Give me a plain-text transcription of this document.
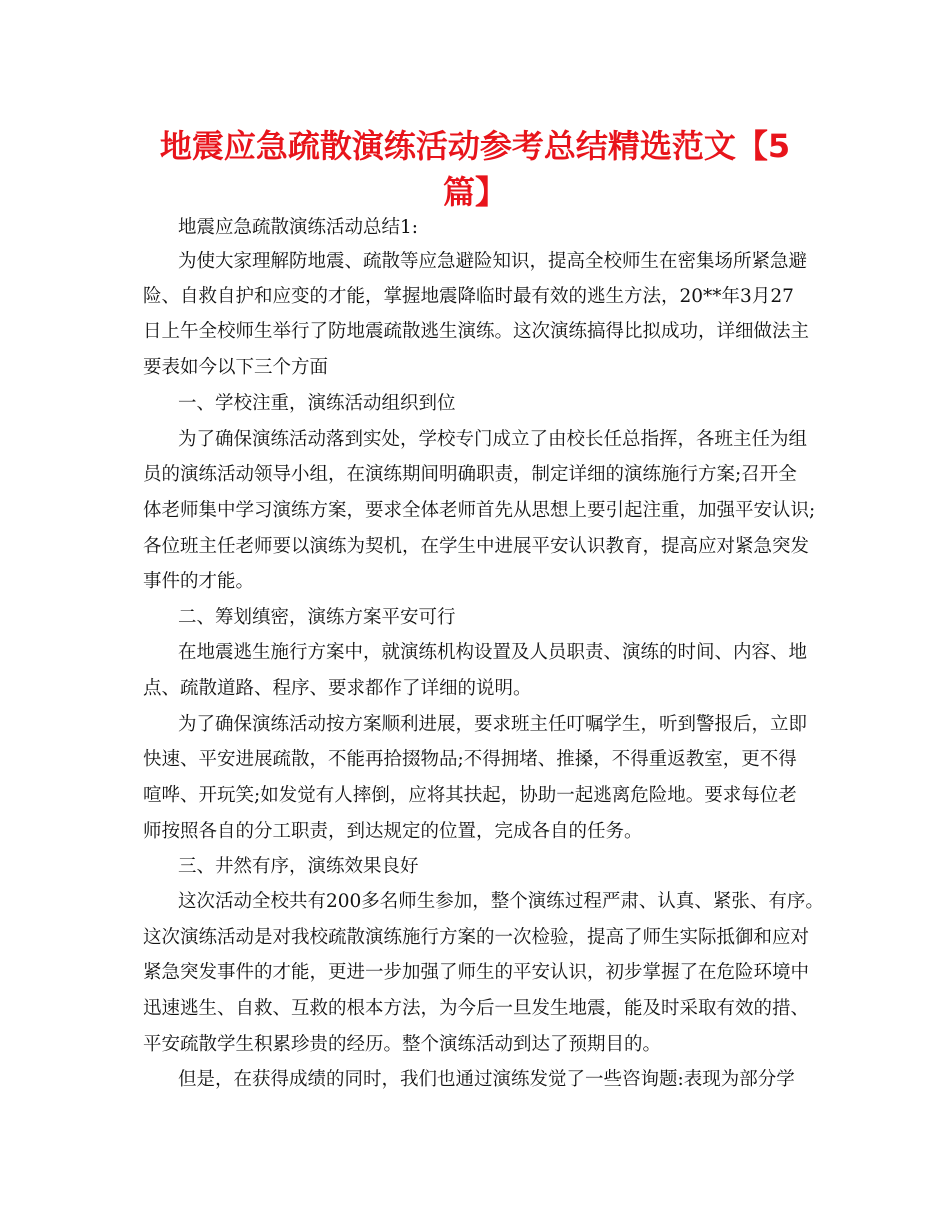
地震应急疏散演练活动参考总结精选范文【5
篇】
地震应急疏散演练活动总结1:
为使大家理解防地震、疏散等应急避险知识，提高全校师生在密集场所紧急避
险、自救自护和应变的才能，掌握地震降临时最有效的逃生方法，20**年3月27
日上午全校师生举行了防地震疏散逃生演练。这次演练搞得比拟成功，详细做法主
要表如今以下三个方面
一、学校注重，演练活动组织到位
为了确保演练活动落到实处，学校专门成立了由校长任总指挥，各班主任为组
员的演练活动领导小组，在演练期间明确职责，制定详细的演练施行方案;召开全
体老师集中学习演练方案，要求全体老师首先从思想上要引起注重，加强平安认识;
各位班主任老师要以演练为契机，在学生中进展平安认识教育，提高应对紧急突发
事件的才能。
二、筹划缜密，演练方案平安可行
在地震逃生施行方案中，就演练机构设置及人员职责、演练的时间、内容、地
点、疏散道路、程序、要求都作了详细的说明。
为了确保演练活动按方案顺利进展，要求班主任叮嘱学生，听到警报后，立即
快速、平安进展疏散，不能再拾掇物品;不得拥堵、推搡，不得重返教室，更不得
喧哗、开玩笑;如发觉有人摔倒，应将其扶起，协助一起逃离危险地。要求每位老
师按照各自的分工职责，到达规定的位置，完成各自的任务。
三、井然有序，演练效果良好
这次活动全校共有200多名师生参加，整个演练过程严肃、认真、紧张、有序。
这次演练活动是对我校疏散演练施行方案的一次检验，提高了师生实际抵御和应对
紧急突发事件的才能，更进一步加强了师生的平安认识，初步掌握了在危险环境中
迅速逃生、自救、互救的根本方法，为今后一旦发生地震，能及时采取有效的措、
平安疏散学生积累珍贵的经历。整个演练活动到达了预期目的。
但是，在获得成绩的同时，我们也通过演练发觉了一些咨询题:表现为部分学
